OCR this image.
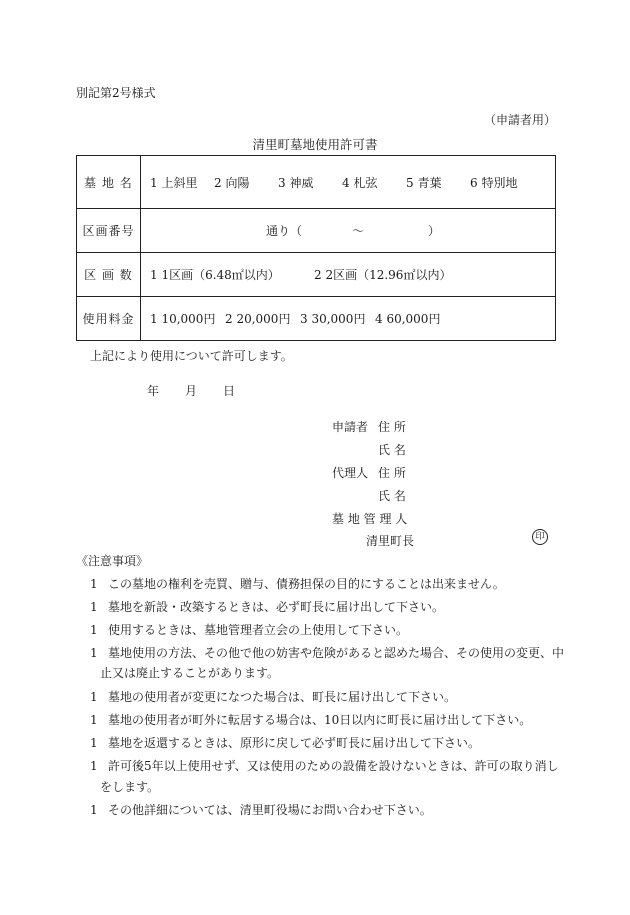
別記第2号様式
（申請者用）
清里町墓地使用許可書
墓 地 名	1 上斜里 2 向陽 3 神威 4 札弦 5 青葉 6 特別地
区画番号	通り（ 〜 ）
区 画 数	1 1区画（6.48㎡以内） 2 2区画（12.96㎡以内）
使用料金	1 10,000円 2 20,000円 3 30,000円 4 60,000円
上記により使用について許可します。
年 月 日
申請者 住 所
氏 名
代理人 住 所
氏 名
墓 地 管 理 人
清里町長	印
《注意事項》
1 この墓地の権利を売買、贈与、債務担保の目的にすることは出来ません。
1 墓地を新設・改築するときは、必ず町長に届け出して下さい。
1 使用するときは、墓地管理者立会の上使用して下さい。
1 墓地使用の方法、その他で他の妨害や危険があると認めた場合、その使用の変更、中
止又は廃止することがあります。
1 墓地の使用者が変更になつた場合は、町長に届け出して下さい。
1 墓地の使用者が町外に転居する場合は、10日以内に町長に届け出して下さい。
1 墓地を返還するときは、原形に戻して必ず町長に届け出して下さい。
1 許可後5年以上使用せず、又は使用のための設備を設けないときは、許可の取り消し
をします。
1 その他詳細については、清里町役場にお問い合わせ下さい。
